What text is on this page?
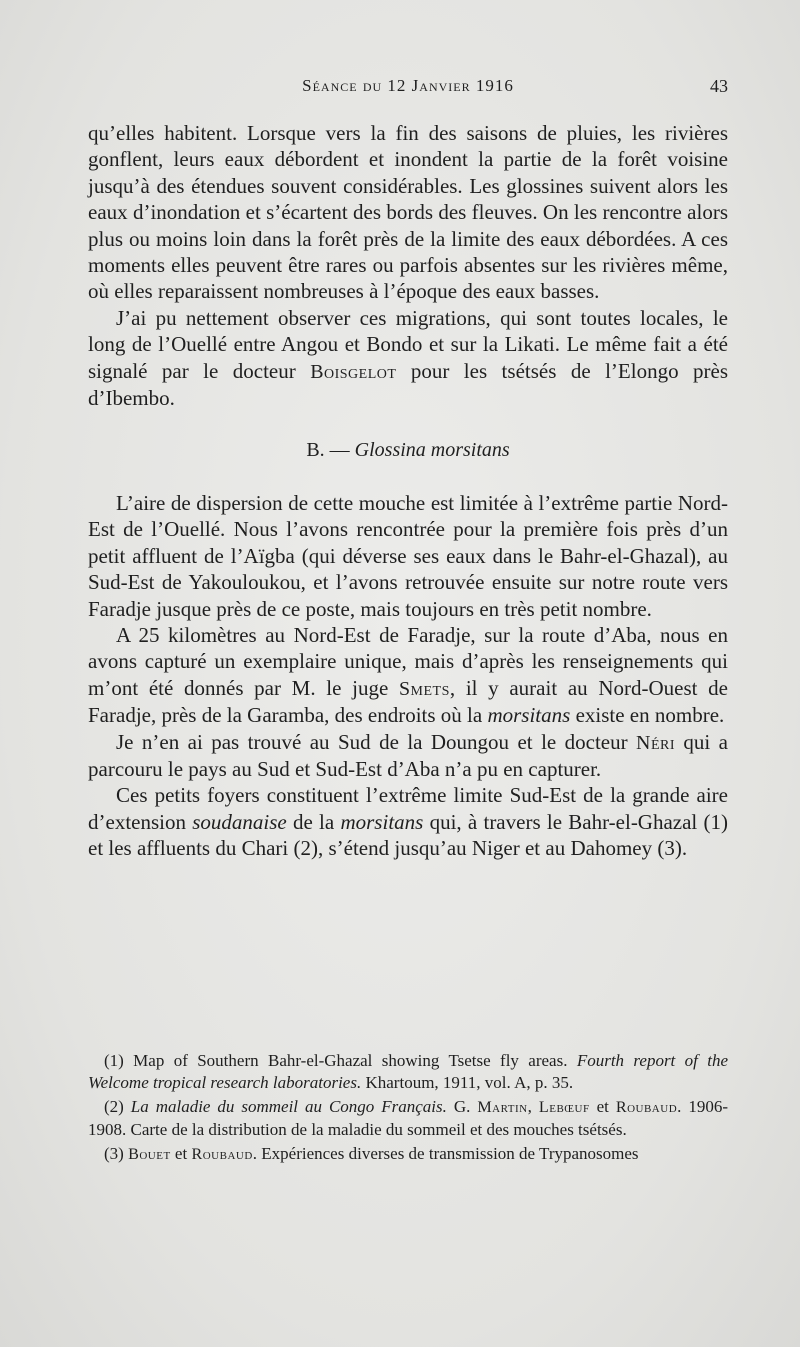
Séance du 12 Janvier 1916	43

qu’elles habitent. Lorsque vers la fin des saisons de pluies, les rivières gonflent, leurs eaux débordent et inondent la partie de la forêt voisine jusqu’à des étendues souvent considérables. Les glossines suivent alors les eaux d’inondation et s’écartent des bords des fleuves. On les rencontre alors plus ou moins loin dans la forêt près de la limite des eaux débordées. A ces moments elles peuvent être rares ou parfois absentes sur les rivières même, où elles reparaissent nombreuses à l’époque des eaux basses.

J’ai pu nettement observer ces migrations, qui sont toutes locales, le long de l’Ouellé entre Angou et Bondo et sur la Likati. Le même fait a été signalé par le docteur Boisgelot pour les tsétsés de l’Elongo près d’Ibembo.

B. — Glossina morsitans

L’aire de dispersion de cette mouche est limitée à l’extrême partie Nord-Est de l’Ouellé. Nous l’avons rencontrée pour la première fois près d’un petit affluent de l’Aïgba (qui déverse ses eaux dans le Bahr-el-Ghazal), au Sud-Est de Yakouloukou, et l’avons retrouvée ensuite sur notre route vers Faradje jusque près de ce poste, mais toujours en très petit nombre.

A 25 kilomètres au Nord-Est de Faradje, sur la route d’Aba, nous en avons capturé un exemplaire unique, mais d’après les renseignements qui m’ont été donnés par M. le juge Smets, il y aurait au Nord-Ouest de Faradje, près de la Garamba, des endroits où la morsitans existe en nombre.

Je n’en ai pas trouvé au Sud de la Doungou et le docteur Néri qui a parcouru le pays au Sud et Sud-Est d’Aba n’a pu en capturer.

Ces petits foyers constituent l’extrême limite Sud-Est de la grande aire d’extension soudanaise de la morsitans qui, à travers le Bahr-el-Ghazal (1) et les affluents du Chari (2), s’étend jusqu’au Niger et au Dahomey (3).

(1) Map of Southern Bahr-el-Ghazal showing Tsetse fly areas. Fourth report of the Welcome tropical research laboratories. Khartoum, 1911, vol. A, p. 35.

(2) La maladie du sommeil au Congo Français. G. Martin, Lebœuf et Roubaud. 1906-1908. Carte de la distribution de la maladie du sommeil et des mouches tsétsés.

(3) Bouet et Roubaud. Expériences diverses de transmission de Trypanosomes
